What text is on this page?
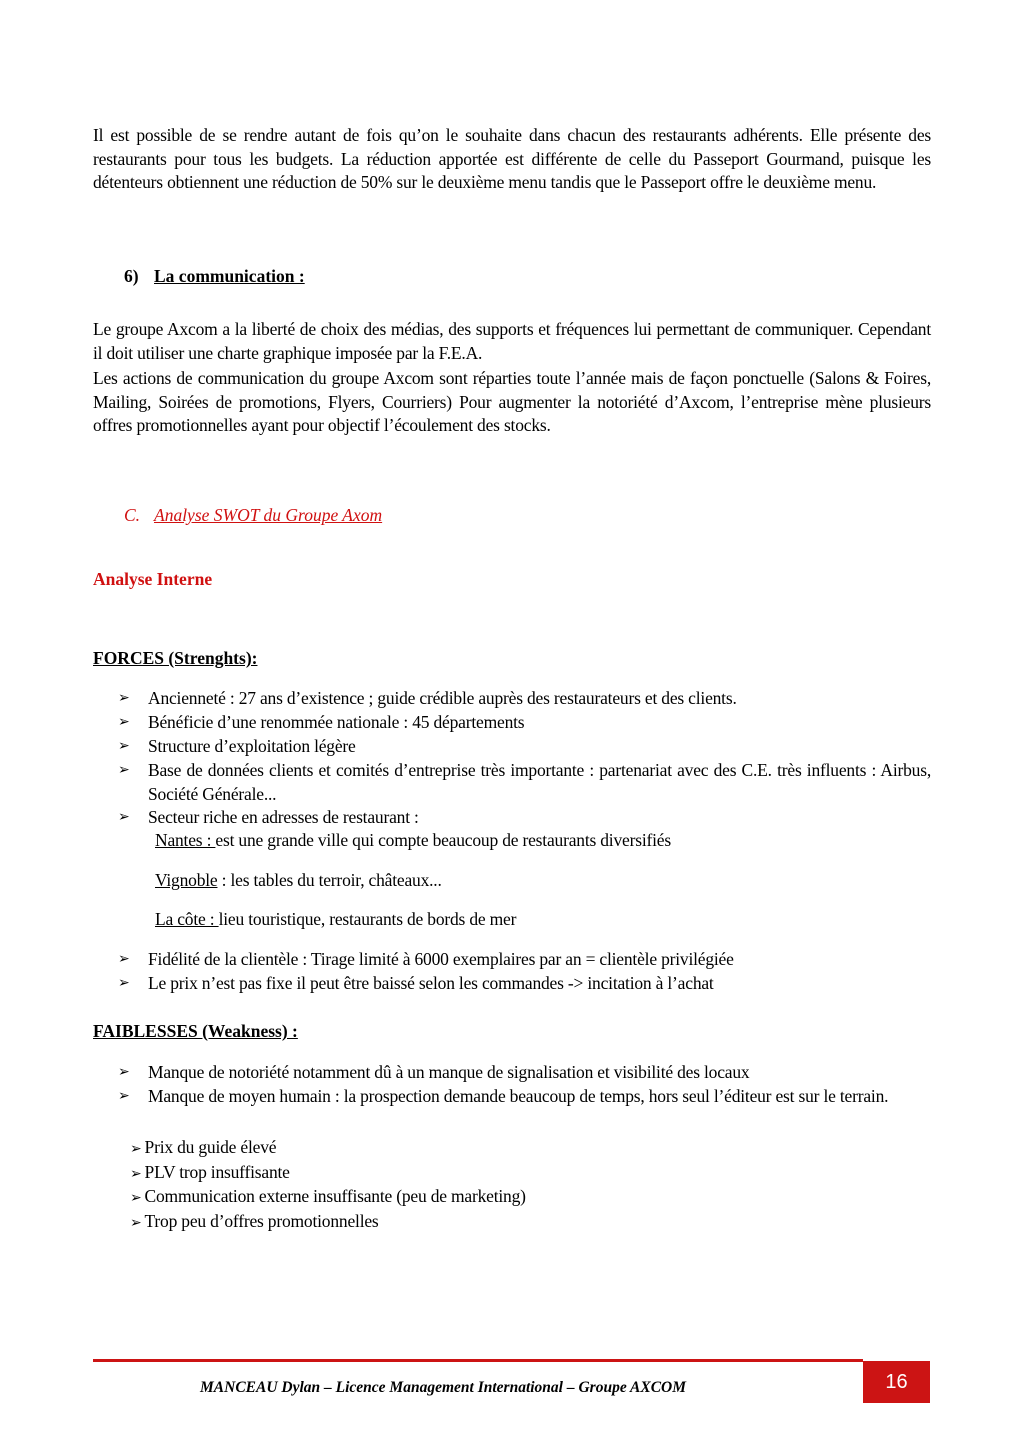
Il est possible de se rendre autant de fois qu’on le souhaite dans chacun des restaurants adhérents. Elle présente des restaurants pour tous les budgets. La réduction apportée est différente de celle du Passeport Gourmand, puisque les détenteurs obtiennent une réduction de 50% sur le deuxième menu tandis que le Passeport offre le deuxième menu.

6) La communication :

Le groupe Axcom a la liberté de choix des médias, des supports et fréquences lui permettant de communiquer. Cependant il doit utiliser une charte graphique imposée par la F.E.A.

Les actions de communication du groupe Axcom sont réparties toute l’année mais de façon ponctuelle (Salons & Foires, Mailing, Soirées de promotions, Flyers, Courriers) Pour augmenter la notoriété d’Axcom, l’entreprise mène plusieurs offres promotionnelles ayant pour objectif l’écoulement des stocks.

C. Analyse SWOT du Groupe Axom
Analyse Interne
FORCES (Strenghts):
➢ Ancienneté : 27 ans d’existence ; guide crédible auprès des restaurateurs et des clients.
➢ Bénéficie d’une renommée nationale : 45 départements
➢ Structure d’exploitation légère
➢ Base de données clients et comités d’entreprise très importante : partenariat avec des C.E. très influents : Airbus, Société Générale...
➢ Secteur riche en adresses de restaurant :
Nantes : est une grande ville qui compte beaucoup de restaurants diversifiés
Vignoble : les tables du terroir, châteaux...
La côte : lieu touristique, restaurants de bords de mer
➢ Fidélité de la clientèle : Tirage limité à 6000 exemplaires par an = clientèle privilégiée
➢ Le prix n’est pas fixe il peut être baissé selon les commandes -> incitation à l’achat
FAIBLESSES (Weakness) :
➢ Manque de notoriété notamment dû à un manque de signalisation et visibilité des locaux
➢ Manque de moyen humain : la prospection demande beaucoup de temps, hors seul l’éditeur est sur le terrain.
➢ Prix du guide élevé
➢ PLV trop insuffisante
➢ Communication externe insuffisante (peu de marketing)
➢ Trop peu d’offres promotionnelles
MANCEAU Dylan – Licence Management International – Groupe AXCOM	16
